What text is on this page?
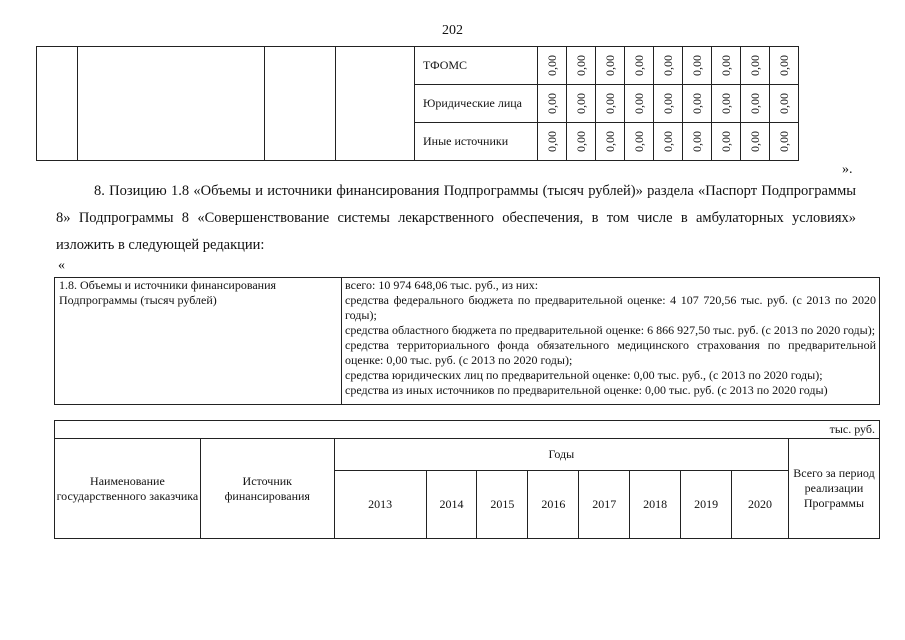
202
				ТФОМС	0,00	0,00	0,00	0,00	0,00	0,00	0,00	0,00	0,00
				Юридические лица	0,00	0,00	0,00	0,00	0,00	0,00	0,00	0,00	0,00
				Иные источники	0,00	0,00	0,00	0,00	0,00	0,00	0,00	0,00	0,00
».
8. Позицию 1.8 «Объемы и источники финансирования Подпрограммы (тысяч рублей)» раздела «Паспорт Подпрограммы 8» Подпрограммы 8 «Совершенствование системы лекарственного обеспечения, в том числе в амбулаторных условиях» изложить в следующей редакции:
«
1.8. Объемы и источники финансирования Подпрограммы (тысяч рублей)
всего: 10 974 648,06 тыс. руб., из них:
средства федерального бюджета по предварительной оценке: 4 107 720,56 тыс. руб. (с 2013 по 2020 годы);
средства областного бюджета по предварительной оценке: 6 866 927,50 тыс. руб. (с 2013 по 2020 годы);
средства территориального фонда обязательного медицинского страхования по предварительной оценке: 0,00 тыс. руб. (с 2013 по 2020 годы);
средства юридических лиц по предварительной оценке: 0,00 тыс. руб., (с 2013 по 2020 годы);
средства из иных источников по предварительной оценке: 0,00 тыс. руб. (с 2013 по 2020 годы)
тыс. руб.										
Наименование государственного заказчика	Источник финансирования	Годы								Всего за период реализации Программы
		2013	2014	2015	2016	2017	2018	2019	2020	
